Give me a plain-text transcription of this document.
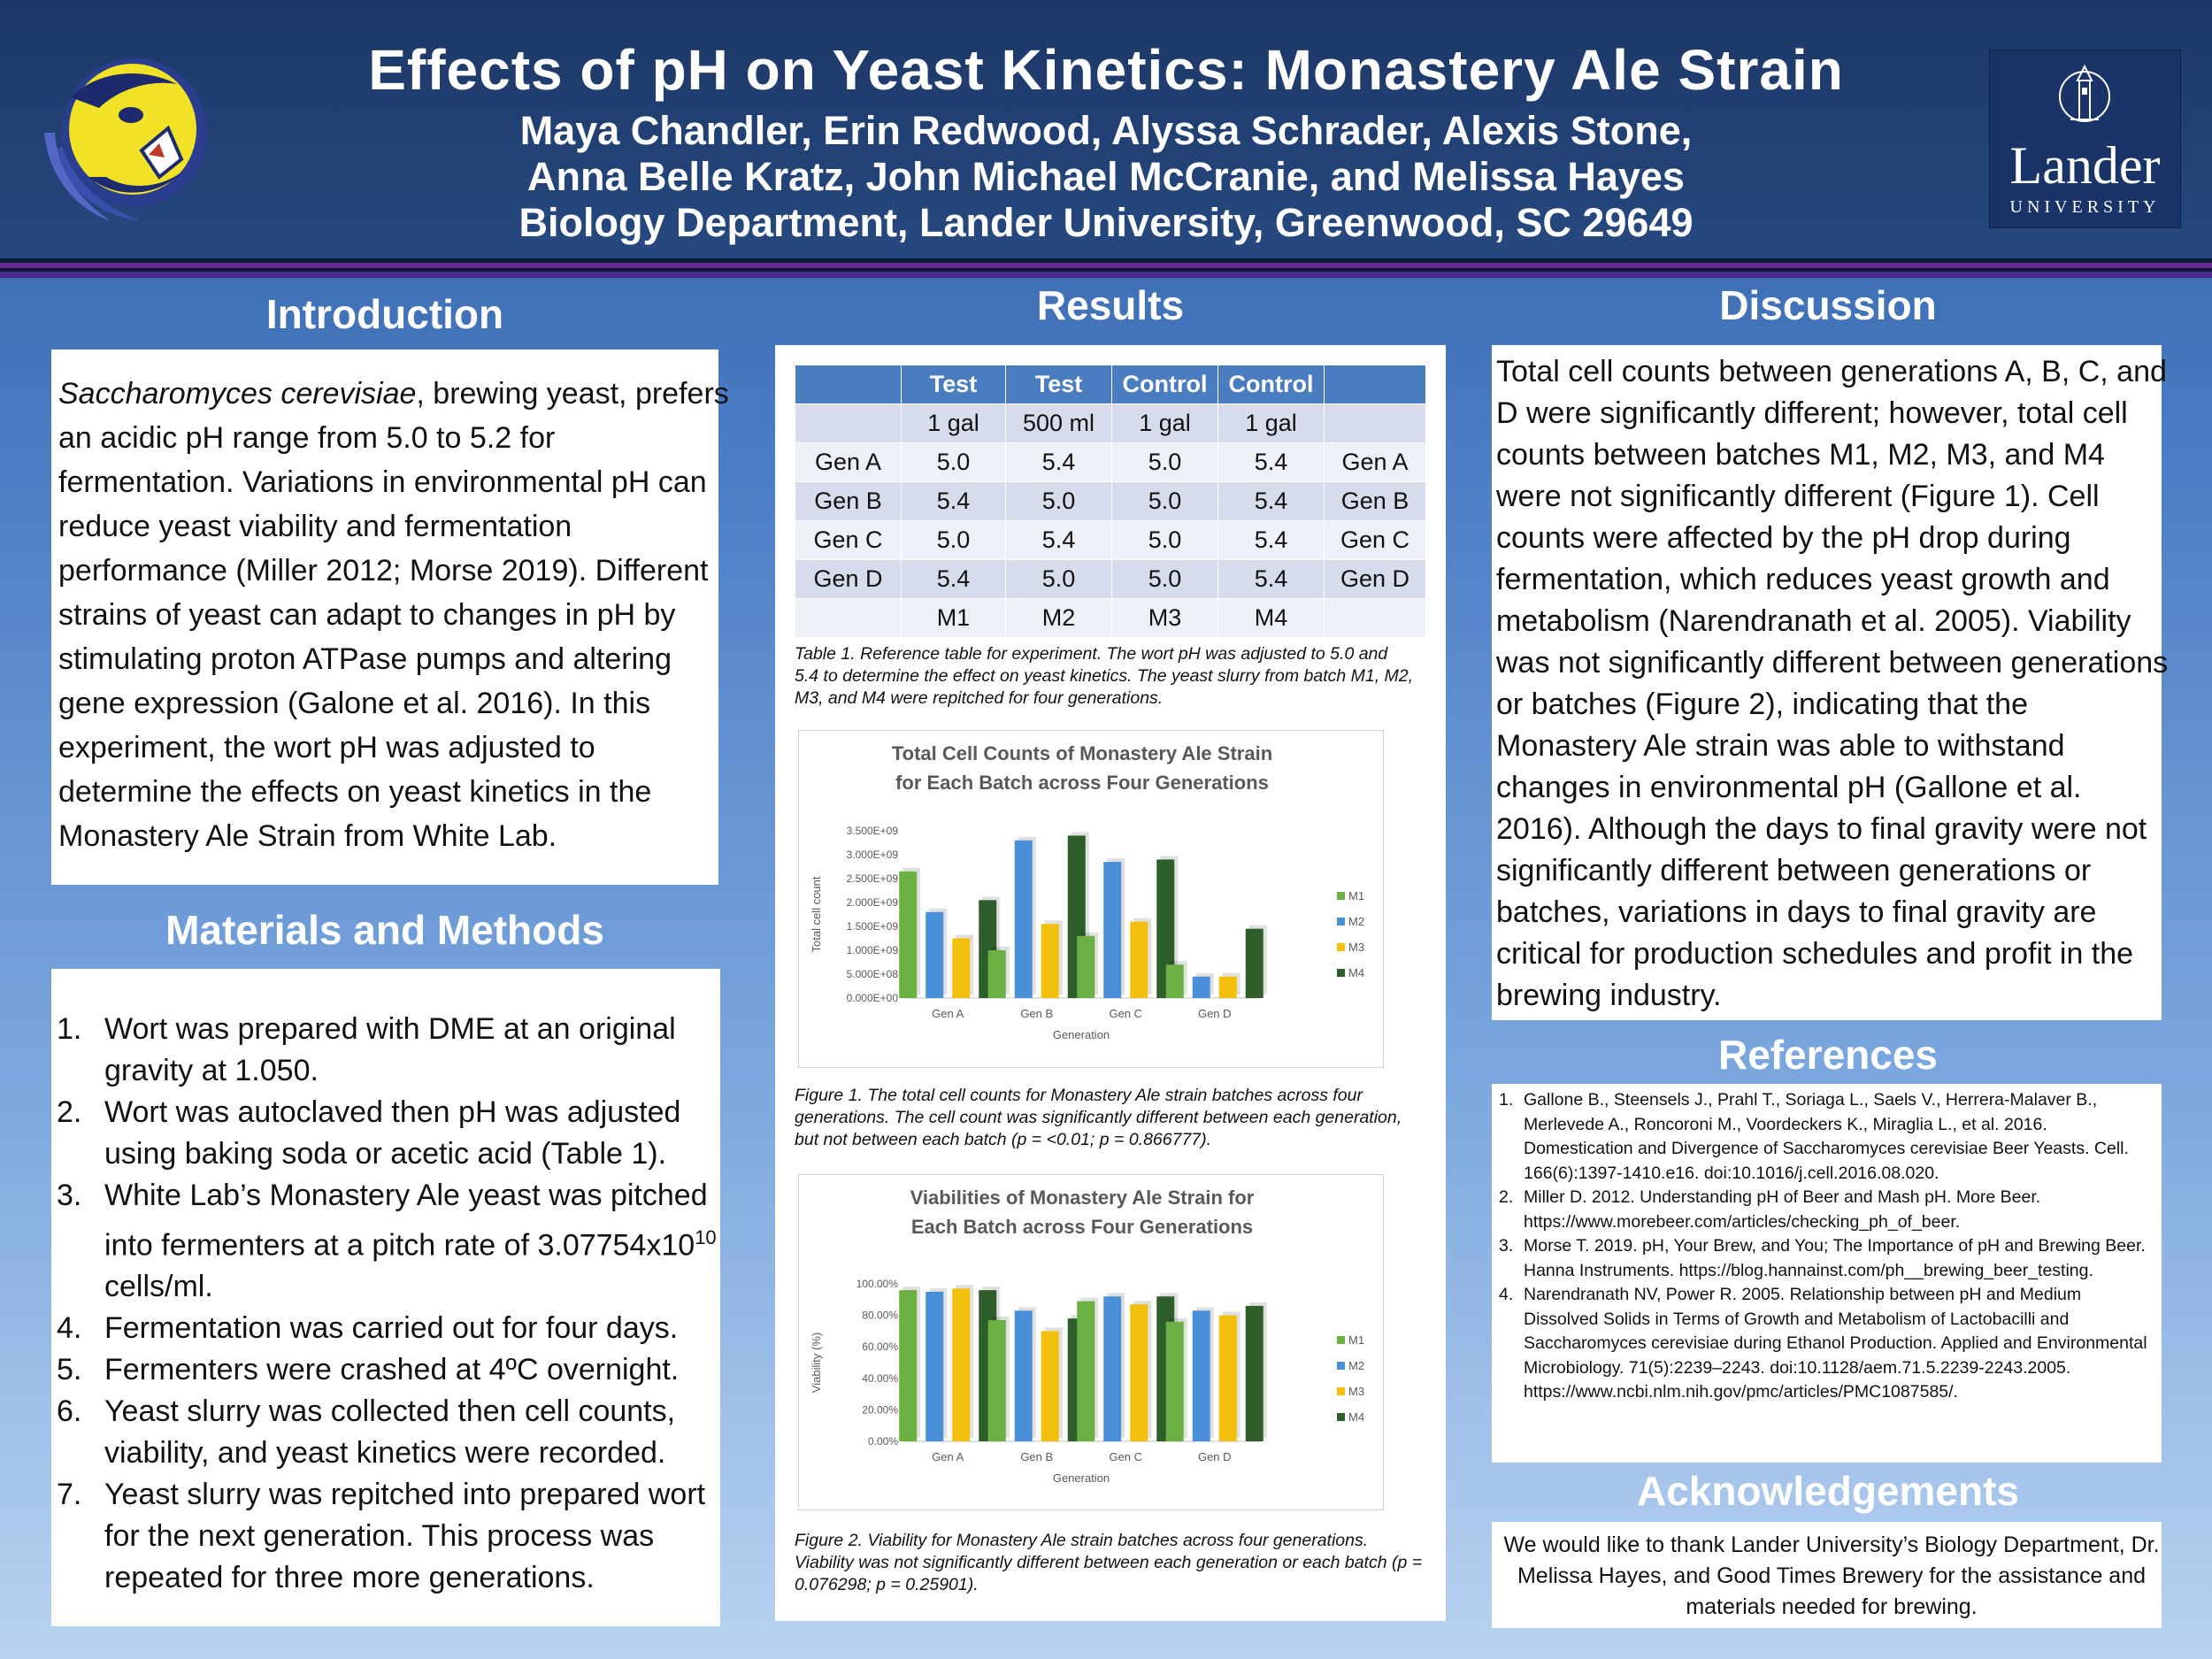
Effects of pH on Yeast Kinetics: Monastery Ale Strain
Maya Chandler, Erin Redwood, Alyssa Schrader, Alexis Stone,
Anna Belle Kratz, John Michael McCranie, and Melissa Hayes
Biology Department, Lander University, Greenwood, SC 29649
Lander
UNIVERSITY
Introduction
Saccharomyces cerevisiae, brewing yeast, prefers an acidic pH range from 5.0 to 5.2 for fermentation. Variations in environmental pH can reduce yeast viability and fermentation performance (Miller 2012; Morse 2019). Different strains of yeast can adapt to changes in pH by stimulating proton ATPase pumps and altering gene expression (Galone et al. 2016). In this experiment, the wort pH was adjusted to determine the effects on yeast kinetics in the Monastery Ale Strain from White Lab.
Materials and Methods
1. Wort was prepared with DME at an original gravity at 1.050.
2. Wort was autoclaved then pH was adjusted using baking soda or acetic acid (Table 1).
3. White Lab’s Monastery Ale yeast was pitched into fermenters at a pitch rate of $3.07754x10^{10}$ cells/ml.
4. Fermentation was carried out for four days.
5. Fermenters were crashed at 4ºC overnight.
6. Yeast slurry was collected then cell counts, viability, and yeast kinetics were recorded.
7. Yeast slurry was repitched into prepared wort for the next generation. This process was repeated for three more generations.
Results
	Test	Test	Control	Control	
	1 gal	500 ml	1 gal	1 gal	
Gen A	5.0	5.4	5.0	5.4	Gen A
Gen B	5.4	5.0	5.0	5.4	Gen B
Gen C	5.0	5.4	5.0	5.4	Gen C
Gen D	5.4	5.0	5.0	5.4	Gen D
	M1	M2	M3	M4	
Table 1. Reference table for experiment. The wort pH was adjusted to 5.0 and 5.4 to determine the effect on yeast kinetics. The yeast slurry from batch M1, M2, M3, and M4 were repitched for four generations.
Total Cell Counts of Monastery Ale Strain
for Each Batch across Four Generations
0.000E+00
5.000E+08
1.000E+09
1.500E+09
2.000E+09
2.500E+09
3.000E+09
3.500E+09
Gen A	Gen B	Gen C	Gen D
Generation
Total cell count	M1
M2
M3
M4
Figure 1. The total cell counts for Monastery Ale strain batches across four generations. The cell count was significantly different between each generation, but not between each batch (p = <0.01; p = 0.866777).
Viabilities of Monastery Ale Strain for
Each Batch across Four Generations
0.00%
20.00%
40.00%
60.00%
80.00%
100.00%
Gen A	Gen B	Gen C	Gen D
Generation
Viability (%)	M1
M2
M3
M4
Figure 2. Viability for Monastery Ale strain batches across four generations. Viability was not significantly different between each generation or each batch (p = 0.076298; p = 0.25901).
Discussion
Total cell counts between generations A, B, C, and D were significantly different; however, total cell counts between batches M1, M2, M3, and M4 were not significantly different (Figure 1). Cell counts were affected by the pH drop during fermentation, which reduces yeast growth and metabolism (Narendranath et al. 2005). Viability was not significantly different between generations or batches (Figure 2), indicating that the Monastery Ale strain was able to withstand changes in environmental pH (Gallone et al. 2016). Although the days to final gravity were not significantly different between generations or batches, variations in days to final gravity are critical for production schedules and profit in the brewing industry.
References
1. Gallone B., Steensels J., Prahl T., Soriaga L., Saels V., Herrera-Malaver B., Merlevede A., Roncoroni M., Voordeckers K., Miraglia L., et al. 2016. Domestication and Divergence of Saccharomyces cerevisiae Beer Yeasts. Cell. 166(6):1397-1410.e16. doi:10.1016/j.cell.2016.08.020.
2. Miller D. 2012. Understanding pH of Beer and Mash pH. More Beer. https://www.morebeer.com/articles/checking_ph_of_beer.
3. Morse T. 2019. pH, Your Brew, and You; The Importance of pH and Brewing Beer. Hanna Instruments. https://blog.hannainst.com/ph__brewing_beer_testing.
4. Narendranath NV, Power R. 2005. Relationship between pH and Medium Dissolved Solids in Terms of Growth and Metabolism of Lactobacilli and Saccharomyces cerevisiae during Ethanol Production. Applied and Environmental Microbiology. 71(5):2239–2243. doi:10.1128/aem.71.5.2239-2243.2005. https://www.ncbi.nlm.nih.gov/pmc/articles/PMC1087585/.
Acknowledgements
We would like to thank Lander University’s Biology Department, Dr. Melissa Hayes, and Good Times Brewery for the assistance and materials needed for brewing.
